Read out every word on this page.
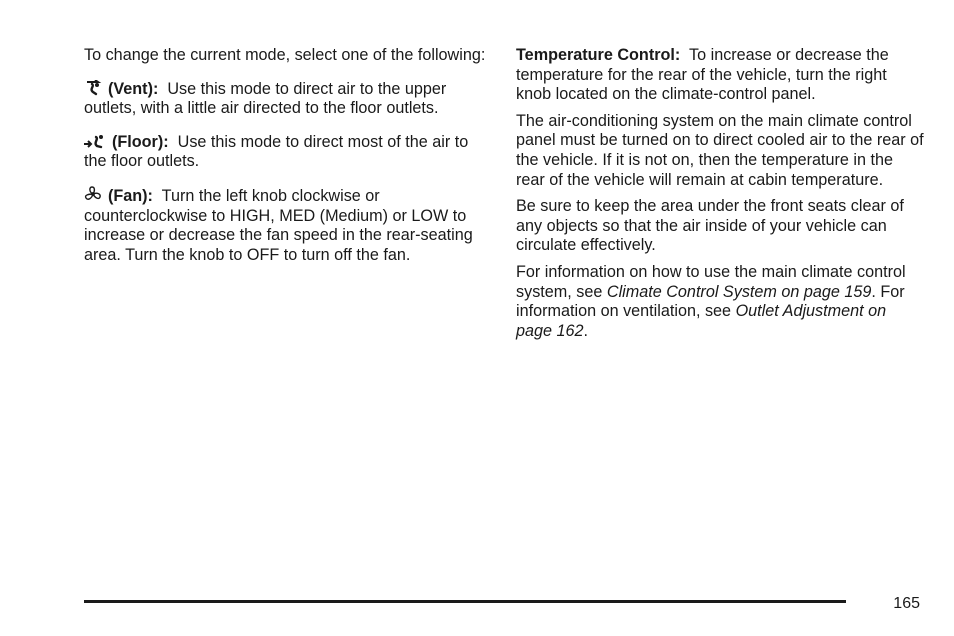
To change the current mode, select one of the following:

(Vent): Use this mode to direct air to the upper outlets, with a little air directed to the floor outlets.

(Floor): Use this mode to direct most of the air to the floor outlets.

(Fan): Turn the left knob clockwise or counterclockwise to HIGH, MED (Medium) or LOW to increase or decrease the fan speed in the rear-seating area. Turn the knob to OFF to turn off the fan.

Temperature Control: To increase or decrease the temperature for the rear of the vehicle, turn the right knob located on the climate-control panel.

The air-conditioning system on the main climate control panel must be turned on to direct cooled air to the rear of the vehicle. If it is not on, then the temperature in the rear of the vehicle will remain at cabin temperature.

Be sure to keep the area under the front seats clear of any objects so that the air inside of your vehicle can circulate effectively.

For information on how to use the main climate control system, see Climate Control System on page 159. For information on ventilation, see Outlet Adjustment on page 162.

165
